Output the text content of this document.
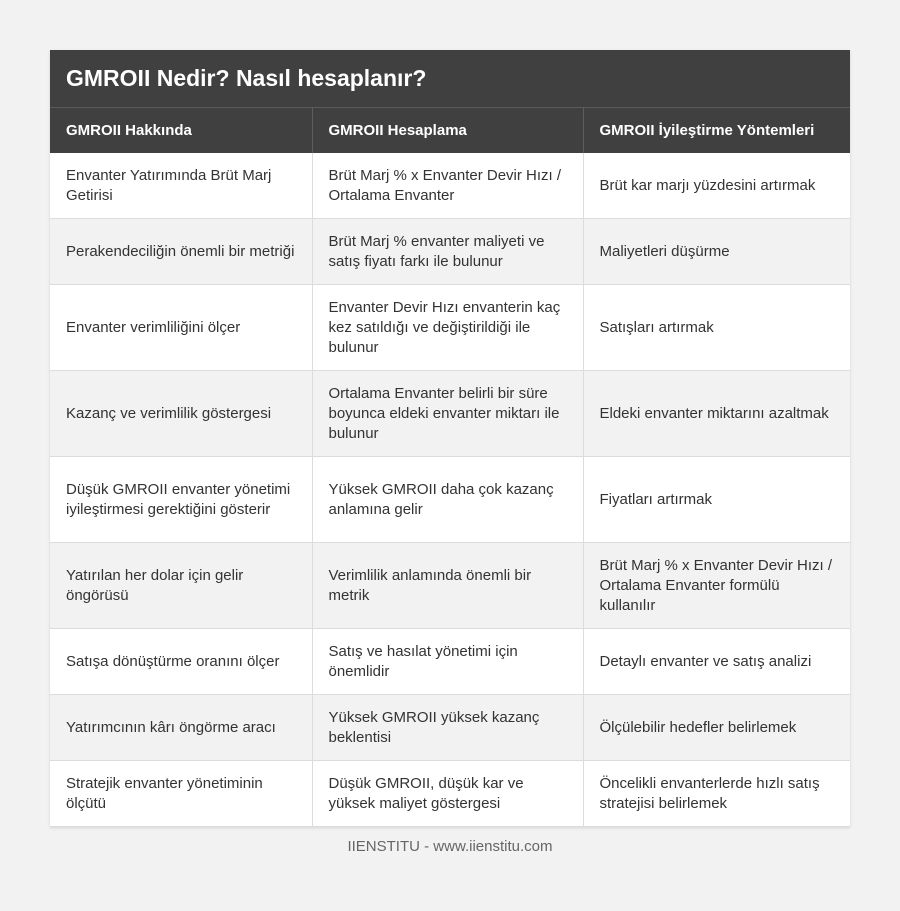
GMROII Nedir? Nasıl hesaplanır?
GMROII Hakkında	GMROII Hesaplama	GMROII İyileştirme Yöntemleri
Envanter Yatırımında Brüt Marj Getirisi	Brüt Marj % x Envanter Devir Hızı / Ortalama Envanter	Brüt kar marjı yüzdesini artırmak
Perakendeciliğin önemli bir metriği	Brüt Marj % envanter maliyeti ve satış fiyatı farkı ile bulunur	Maliyetleri düşürme
Envanter verimliliğini ölçer	Envanter Devir Hızı envanterin kaç kez satıldığı ve değiştirildiği ile bulunur	Satışları artırmak
Kazanç ve verimlilik göstergesi	Ortalama Envanter belirli bir süre boyunca eldeki envanter miktarı ile bulunur	Eldeki envanter miktarını azaltmak
Düşük GMROII envanter yönetimi iyileştirmesi gerektiğini gösterir	Yüksek GMROII daha çok kazanç anlamına gelir	Fiyatları artırmak
Yatırılan her dolar için gelir öngörüsü	Verimlilik anlamında önemli bir metrik	Brüt Marj % x Envanter Devir Hızı / Ortalama Envanter formülü kullanılır
Satışa dönüştürme oranını ölçer	Satış ve hasılat yönetimi için önemlidir	Detaylı envanter ve satış analizi
Yatırımcının kârı öngörme aracı	Yüksek GMROII yüksek kazanç beklentisi	Ölçülebilir hedefler belirlemek
Stratejik envanter yönetiminin ölçütü	Düşük GMROII, düşük kar ve yüksek maliyet göstergesi	Öncelikli envanterlerde hızlı satış stratejisi belirlemek
IIENSTITU - www.iienstitu.com
